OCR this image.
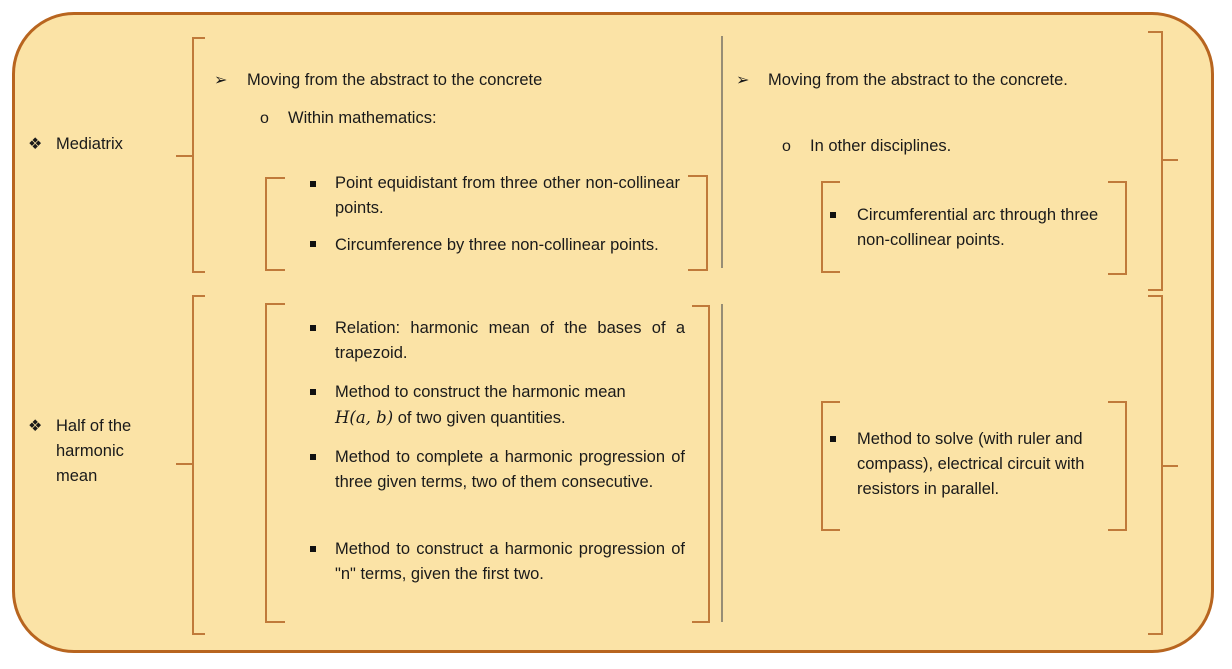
❖ Mediatrix
❖ Half of the harmonic mean
➢ Moving from the abstract to the concrete
o Within mathematics:
Point equidistant from three other non-collinear points.
Circumference by three non-collinear points.
➢ Moving from the abstract to the concrete.
o In other disciplines.
Circumferential arc through three non-collinear points.
Relation: harmonic mean of the bases of a trapezoid.
Method to construct the harmonic mean
H(a, b) of two given quantities.
Method to complete a harmonic progression of three given terms, two of them consecutive.
Method to construct a harmonic progression of "n" terms, given the first two.
Method to solve (with ruler and compass), electrical circuit with resistors in parallel.
